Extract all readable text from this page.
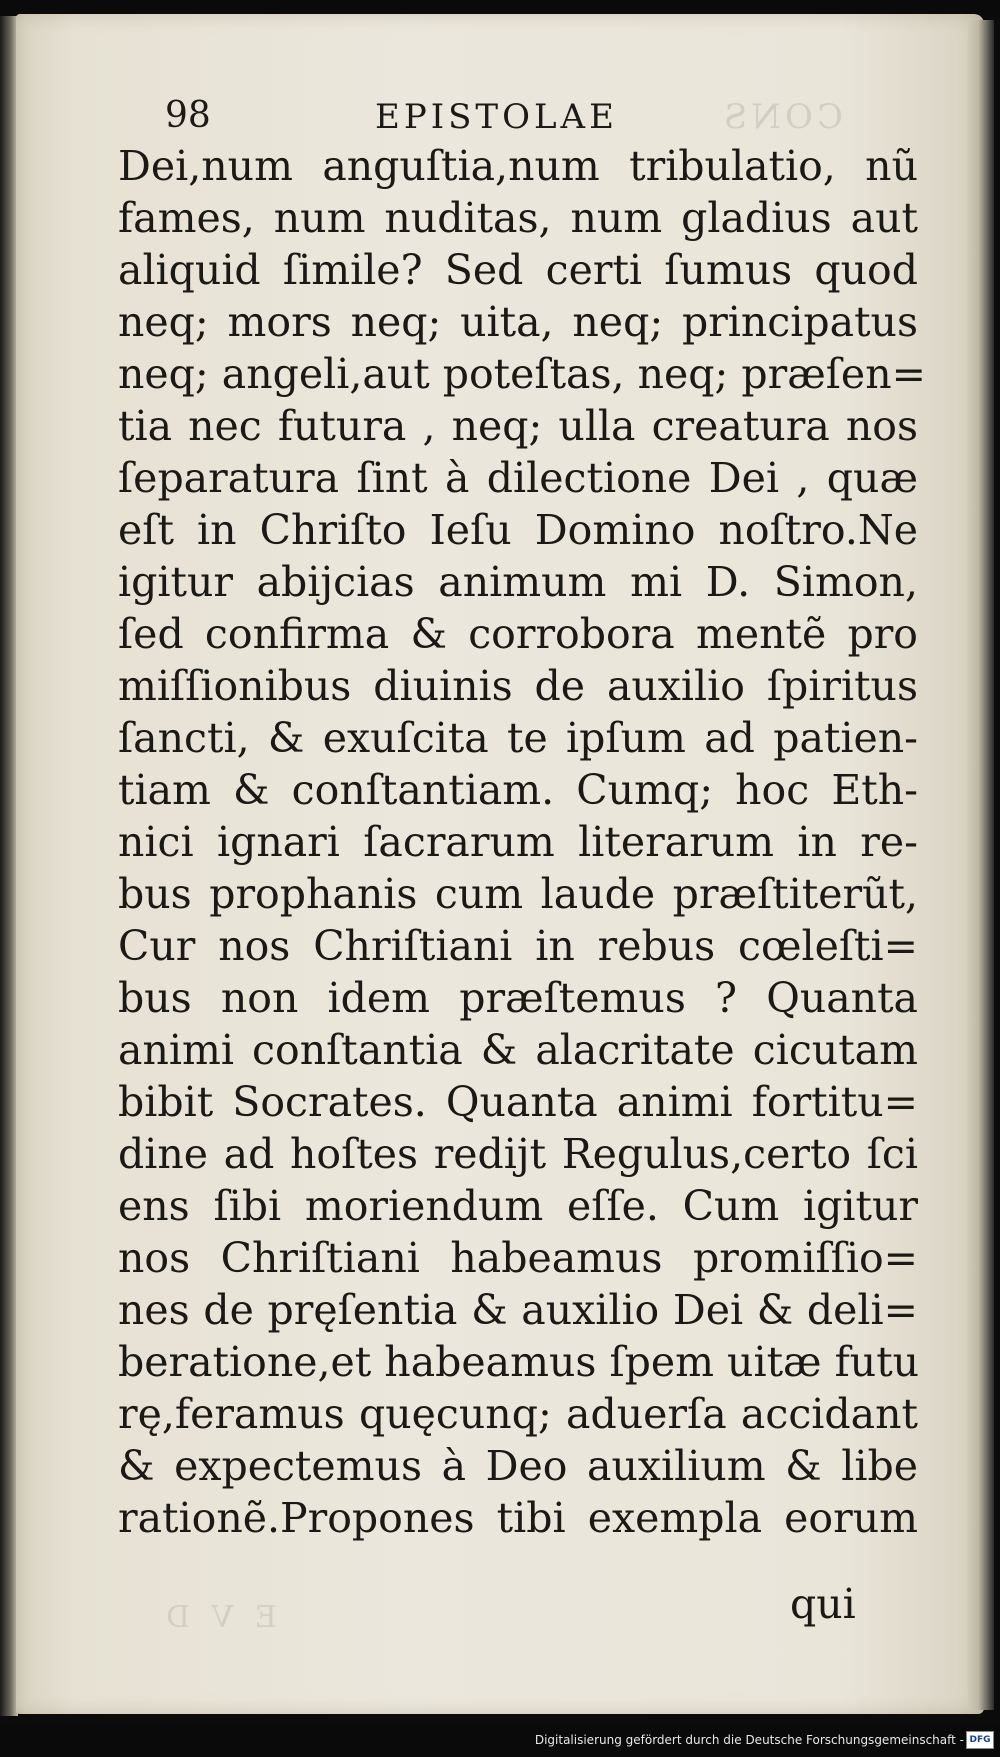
98	EPISTOLAE	CONS
Dei,num anguſtia,num tribulatio, nũ
fames, num nuditas, num gladius aut
aliquid ſimile? Sed certi ſumus quod
neq; mors neq; uita, neq; principatus
neq; angeli,aut poteſtas, neq; præſen=
tia nec futura , neq; ulla creatura nos
ſeparatura ſint à dilectione Dei , quæ
eſt in Chriſto Ieſu Domino noſtro.Ne
igitur abijcias animum mi D. Simon,
ſed confirma & corrobora mentẽ pro
miſſionibus diuinis de auxilio ſpiritus
ſancti, & exuſcita te ipſum ad patien-
tiam & conſtantiam. Cumq; hoc Eth-
nici ignari ſacrarum literarum in re-
bus prophanis cum laude præſtiterũt,
Cur nos Chriſtiani in rebus cœleſti=
bus non idem præſtemus ? Quanta
animi conſtantia & alacritate cicutam
bibit Socrates. Quanta animi fortitu=
dine ad hoſtes redijt Regulus,certo ſci
ens ſibi moriendum eſſe. Cum igitur
nos Chriſtiani habeamus promiſſio=
nes de pręſentia & auxilio Dei & deli=
beratione,et habeamus ſpem uitæ futu
rę,feramus quęcunq; aduerſa accidant
& expectemus à Deo auxilium & libe
rationẽ.Propones tibi exempla eorum
qui
E V D
Digitalisierung gefördert durch die Deutsche Forschungsgemeinschaft - DFG
